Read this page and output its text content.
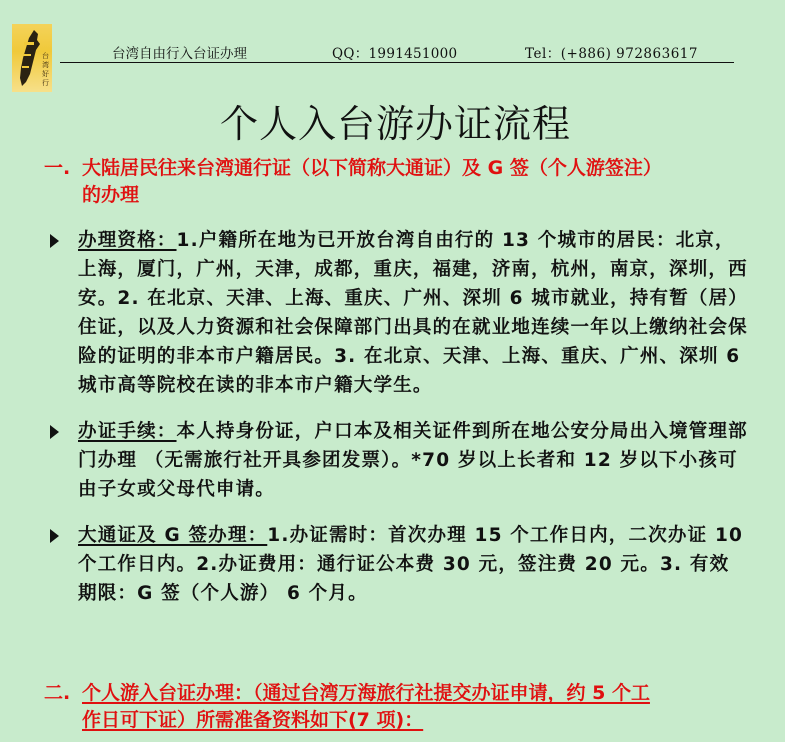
台
湾
好
行
台湾自由行入台证办理	QQ：1991451000	Tel：(+886) 972863617
个人入台游办证流程
一. 大陆居民往来台湾通行证（以下简称大通证）及 G 签（个人游签注）
的办理
办理资格：1.户籍所在地为已开放台湾自由行的 13 个城市的居民：北京，上海，厦门，广州，天津，成都，重庆，福建，济南，杭州，南京，深圳，西安。2. 在北京、天津、上海、重庆、广州、深圳 6 城市就业，持有暂（居）住证，以及人力资源和社会保障部门出具的在就业地连续一年以上缴纳社会保险的证明的非本市户籍居民。3. 在北京、天津、上海、重庆、广州、深圳 6 城市高等院校在读的非本市户籍大学生。
办证手续：本人持身份证，户口本及相关证件到所在地公安分局出入境管理部门办理 （无需旅行社开具参团发票）。*70 岁以上长者和 12 岁以下小孩可由子女或父母代申请。
大通证及 G 签办理：1.办证需时：首次办理 15 个工作日内，二次办证 10 个工作日内。2.办证费用：通行证公本费 30 元，签注费 20 元。3. 有效期限：G 签（个人游） 6 个月。
二. 个人游入台证办理：（通过台湾万海旅行社提交办证申请，约 5 个工
作日可下证）所需准备资料如下(7 项)：
